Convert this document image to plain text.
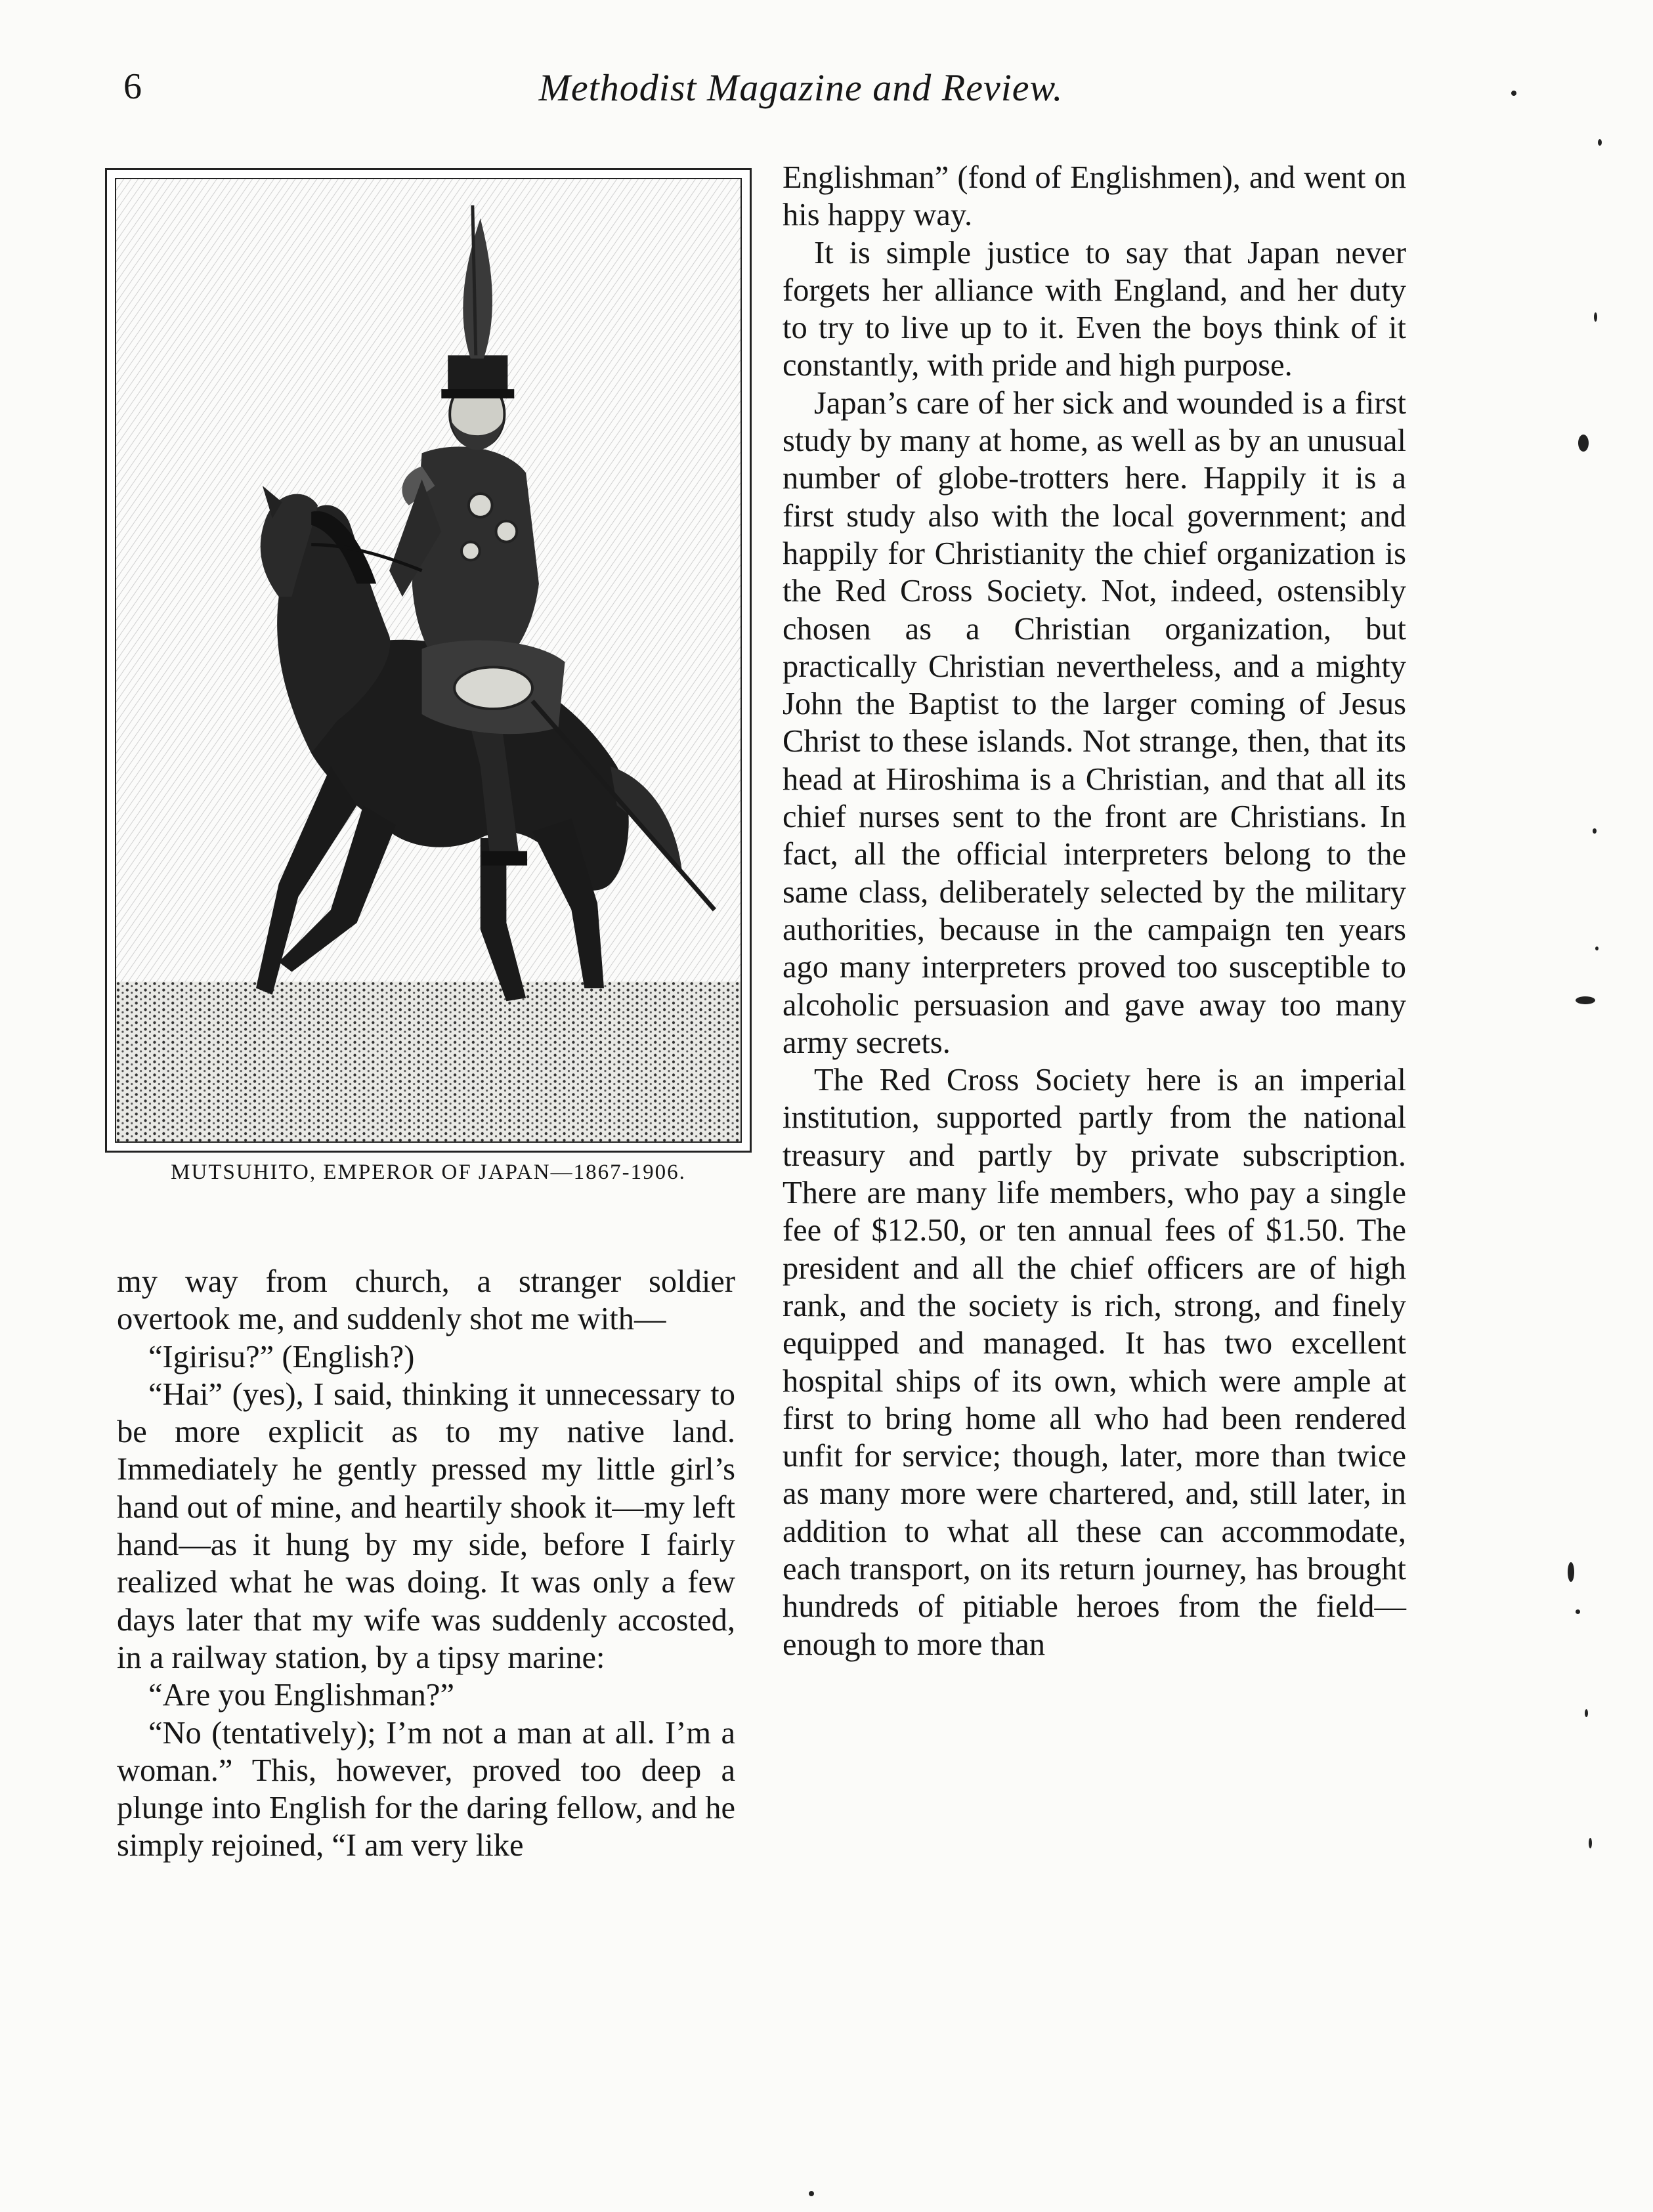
6	Methodist Magazine and Review.
MUTSUHITO, EMPEROR OF JAPAN—1867-1906.

my way from church, a stranger soldier overtook me, and suddenly shot me with—

“Igirisu?” (English?)

“Hai” (yes), I said, thinking it unnecessary to be more explicit as to my native land. Immediately he gently pressed my little girl’s hand out of mine, and heartily shook it—my left hand—as it hung by my side, before I fairly realized what he was doing. It was only a few days later that my wife was suddenly accosted, in a railway station, by a tipsy marine:

“Are you Englishman?”

“No (tentatively); I’m not a man at all. I’m a woman.” This, however, proved too deep a plunge into English for the daring fellow, and he simply rejoined, “I am very like

Englishman” (fond of Englishmen), and went on his happy way.

It is simple justice to say that Japan never forgets her alliance with England, and her duty to try to live up to it. Even the boys think of it constantly, with pride and high purpose.

Japan’s care of her sick and wounded is a first study by many at home, as well as by an unusual number of globe-trotters here. Happily it is a first study also with the local government; and happily for Christianity the chief organization is the Red Cross Society. Not, indeed, ostensibly chosen as a Christian organization, but practically Christian nevertheless, and a mighty John the Baptist to the larger coming of Jesus Christ to these islands. Not strange, then, that its head at Hiroshima is a Christian, and that all its chief nurses sent to the front are Christians. In fact, all the official interpreters belong to the same class, deliberately selected by the military authorities, because in the campaign ten years ago many interpreters proved too susceptible to alcoholic persuasion and gave away too many army secrets.

The Red Cross Society here is an imperial institution, supported partly from the national treasury and partly by private subscription. There are many life members, who pay a single fee of $12.50, or ten annual fees of $1.50. The president and all the chief officers are of high rank, and the society is rich, strong, and finely equipped and managed. It has two excellent hospital ships of its own, which were ample at first to bring home all who had been rendered unfit for service; though, later, more than twice as many more were chartered, and, still later, in addition to what all these can accommodate, each transport, on its return journey, has brought hundreds of pitiable heroes from the field—enough to more than
